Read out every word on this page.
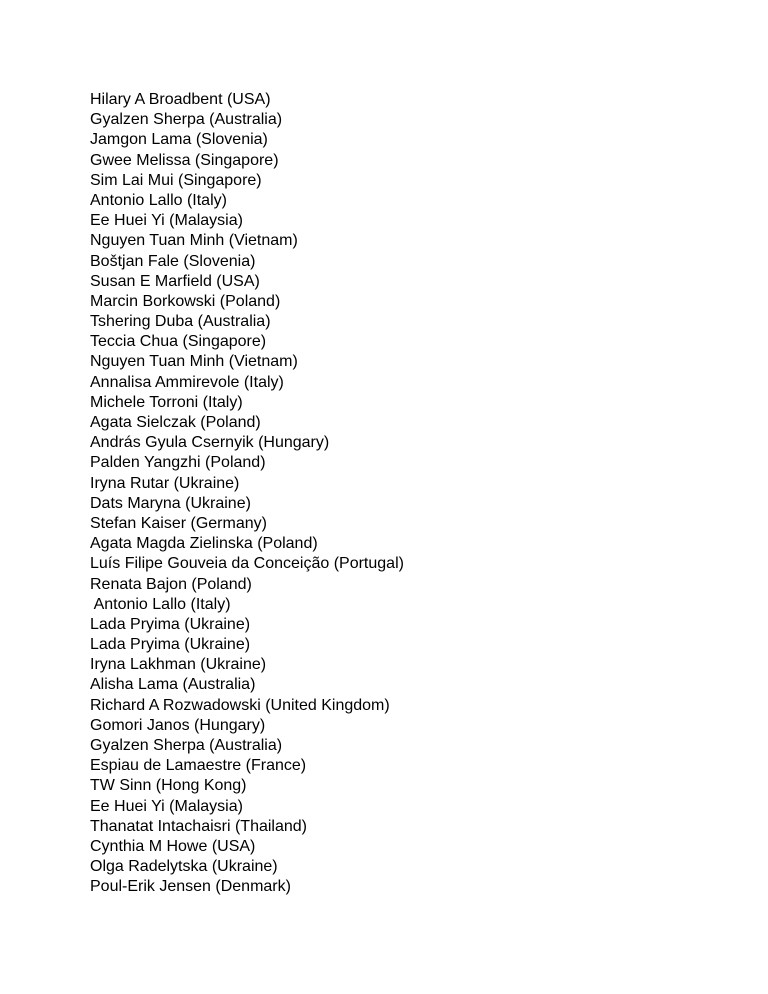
Hilary A Broadbent (USA)
Gyalzen Sherpa (Australia)
Jamgon Lama (Slovenia)
Gwee Melissa (Singapore)
Sim Lai Mui (Singapore)
Antonio Lallo (Italy)
Ee Huei Yi (Malaysia)
Nguyen Tuan Minh (Vietnam)
Boštjan Fale (Slovenia)
Susan E Marfield (USA)
Marcin Borkowski (Poland)
Tshering Duba (Australia)
Teccia Chua (Singapore)
Nguyen Tuan Minh (Vietnam)
Annalisa Ammirevole (Italy)
Michele Torroni (Italy)
Agata Sielczak (Poland)
András Gyula Csernyik (Hungary)
Palden Yangzhi (Poland)
Iryna Rutar (Ukraine)
Dats Maryna (Ukraine)
Stefan Kaiser (Germany)
Agata Magda Zielinska (Poland)
Luís Filipe Gouveia da Conceição (Portugal)
Renata Bajon (Poland)
Antonio Lallo (Italy)
Lada Pryima (Ukraine)
Lada Pryima (Ukraine)
Iryna Lakhman (Ukraine)
Alisha Lama (Australia)
Richard A Rozwadowski (United Kingdom)
Gomori Janos (Hungary)
Gyalzen Sherpa (Australia)
Espiau de Lamaestre (France)
TW Sinn (Hong Kong)
Ee Huei Yi (Malaysia)
Thanatat Intachaisri (Thailand)
Cynthia M Howe (USA)
Olga Radelytska (Ukraine)
Poul-Erik Jensen (Denmark)
